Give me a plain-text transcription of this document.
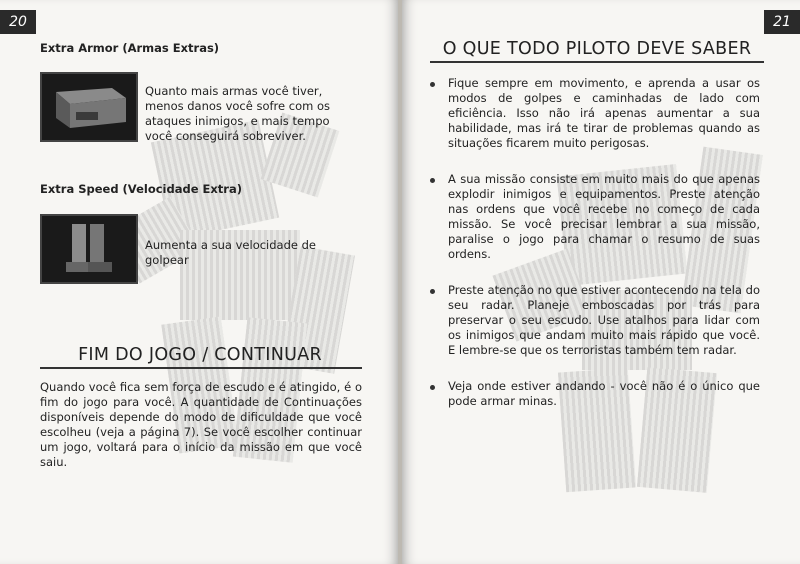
20
Extra Armor (Armas Extras)
Quanto mais armas você tiver, menos danos você sofre com os ataques inimigos, e mais tempo você conseguirá sobreviver.
Extra Speed (Velocidade Extra)
Aumenta a sua velocidade de golpear
FIM DO JOGO / CONTINUAR
Quando você fica sem força de escudo e é atingido, é o fim do jogo para você. A quantidade de Continuações disponíveis depende do modo de dificuldade que você escolheu (veja a página 7). Se você escolher continuar um jogo, voltará para o início da missão em que você saiu.
21
O QUE TODO PILOTO DEVE SABER
Fique sempre em movimento, e aprenda a usar os modos de golpes e caminhadas de lado com eficiência. Isso não irá apenas aumentar a sua habilidade, mas irá te tirar de problemas quando as situações ficarem muito perigosas.
A sua missão consiste em muito mais do que apenas explodir inimigos e equipamentos. Preste atenção nas ordens que você recebe no começo de cada missão. Se você precisar lembrar a sua missão, paralise o jogo para chamar o resumo de suas ordens.
Preste atenção no que estiver acontecendo na tela do seu radar. Planeje emboscadas por trás para preservar o seu escudo. Use atalhos para lidar com os inimigos que andam muito mais rápido que você. E lembre-se que os terroristas também tem radar.
Veja onde estiver andando - você não é o único que pode armar minas.
